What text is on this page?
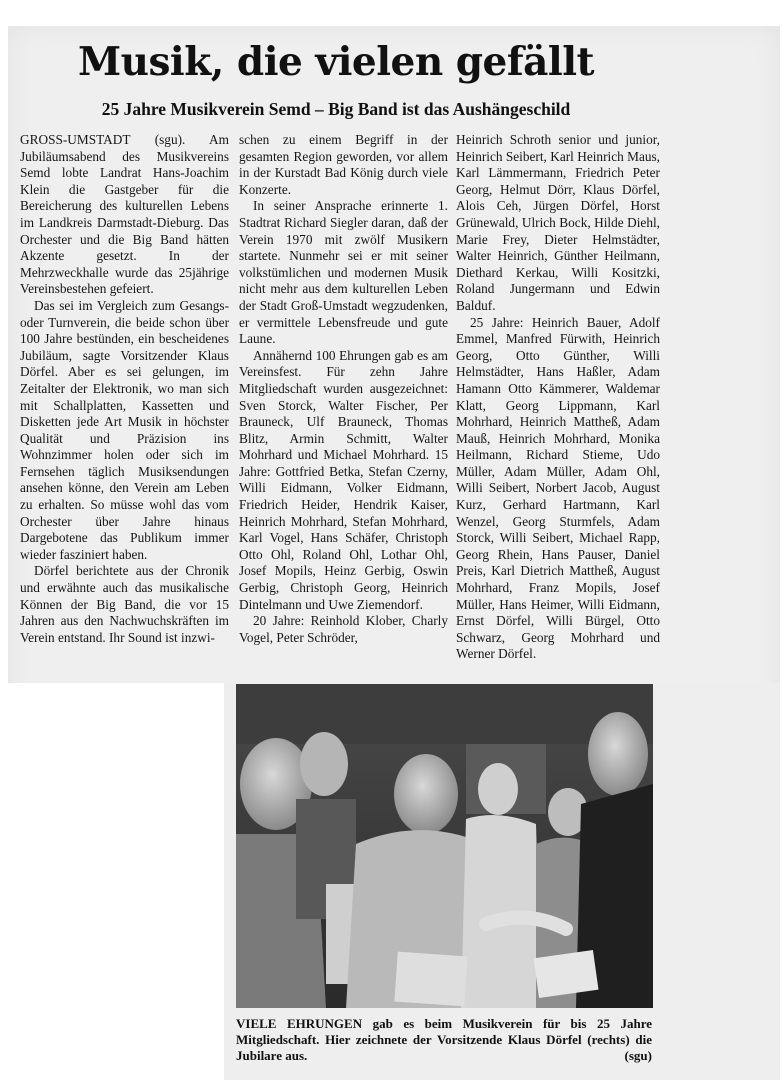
Musik, die vielen gefällt
25 Jahre Musikverein Semd – Big Band ist das Aushängeschild

GROSS-UMSTADT (sgu). Am Jubiläumsabend des Musikvereins Semd lobte Landrat Hans-Joachim Klein die Gastgeber für die Bereicherung des kulturellen Lebens im Landkreis Darmstadt-Dieburg. Das Orchester und die Big Band hätten Akzente gesetzt. In der Mehrzweckhalle wurde das 25jährige Vereinsbestehen gefeiert.

Das sei im Vergleich zum Gesangs- oder Turnverein, die beide schon über 100 Jahre bestünden, ein bescheidenes Jubiläum, sagte Vorsitzender Klaus Dörfel. Aber es sei gelungen, im Zeitalter der Elektronik, wo man sich mit Schallplatten, Kassetten und Disketten jede Art Musik in höchster Qualität und Präzision ins Wohnzimmer holen oder sich im Fernsehen täglich Musiksendungen ansehen könne, den Verein am Leben zu erhalten. So müsse wohl das vom Orchester über Jahre hinaus Dargebotene das Publikum immer wieder fasziniert haben.

Dörfel berichtete aus der Chronik und erwähnte auch das musikalische Können der Big Band, die vor 15 Jahren aus den Nachwuchskräften im Verein entstand. Ihr Sound ist inzwi-

schen zu einem Begriff in der gesamten Region geworden, vor allem in der Kurstadt Bad König durch viele Konzerte.

In seiner Ansprache erinnerte 1. Stadtrat Richard Siegler daran, daß der Verein 1970 mit zwölf Musikern startete. Nunmehr sei er mit seiner volkstümlichen und modernen Musik nicht mehr aus dem kulturellen Leben der Stadt Groß-Umstadt wegzudenken, er vermittele Lebensfreude und gute Laune.

Annähernd 100 Ehrungen gab es am Vereinsfest. Für zehn Jahre Mitgliedschaft wurden ausgezeichnet: Sven Storck, Walter Fischer, Per Brauneck, Ulf Brauneck, Thomas Blitz, Armin Schmitt, Walter Mohrhard und Michael Mohrhard. 15 Jahre: Gottfried Betka, Stefan Czerny, Willi Eidmann, Volker Eidmann, Friedrich Heider, Hendrik Kaiser, Heinrich Mohrhard, Stefan Mohrhard, Karl Vogel, Hans Schäfer, Christoph Otto Ohl, Roland Ohl, Lothar Ohl, Josef Mopils, Heinz Gerbig, Oswin Gerbig, Christoph Georg, Heinrich Dintelmann und Uwe Ziemendorf.

20 Jahre: Reinhold Klober, Charly Vogel, Peter Schröder,

Heinrich Schroth senior und junior, Heinrich Seibert, Karl Heinrich Maus, Karl Lämmermann, Friedrich Peter Georg, Helmut Dörr, Klaus Dörfel, Alois Ceh, Jürgen Dörfel, Horst Grünewald, Ulrich Bock, Hilde Diehl, Marie Frey, Dieter Helmstädter, Walter Heinrich, Günther Heilmann, Diethard Kerkau, Willi Kositzki, Roland Jungermann und Edwin Balduf.

25 Jahre: Heinrich Bauer, Adolf Emmel, Manfred Fürwith, Heinrich Georg, Otto Günther, Willi Helmstädter, Hans Haßler, Adam Hamann Otto Kämmerer, Waldemar Klatt, Georg Lippmann, Karl Mohrhard, Heinrich Mattheß, Adam Mauß, Heinrich Mohrhard, Monika Heilmann, Richard Stieme, Udo Müller, Adam Müller, Adam Ohl, Willi Seibert, Norbert Jacob, August Kurz, Gerhard Hartmann, Karl Wenzel, Georg Sturmfels, Adam Storck, Willi Seibert, Michael Rapp, Georg Rhein, Hans Pauser, Daniel Preis, Karl Dietrich Mattheß, August Mohrhard, Franz Mopils, Josef Müller, Hans Heimer, Willi Eidmann, Ernst Dörfel, Willi Bürgel, Otto Schwarz, Georg Mohrhard und Werner Dörfel.

VIELE EHRUNGEN gab es beim Musikverein für bis 25 Jahre Mitgliedschaft. Hier zeichnete der Vorsitzende Klaus Dörfel (rechts) die Jubilare aus.	(sgu)
